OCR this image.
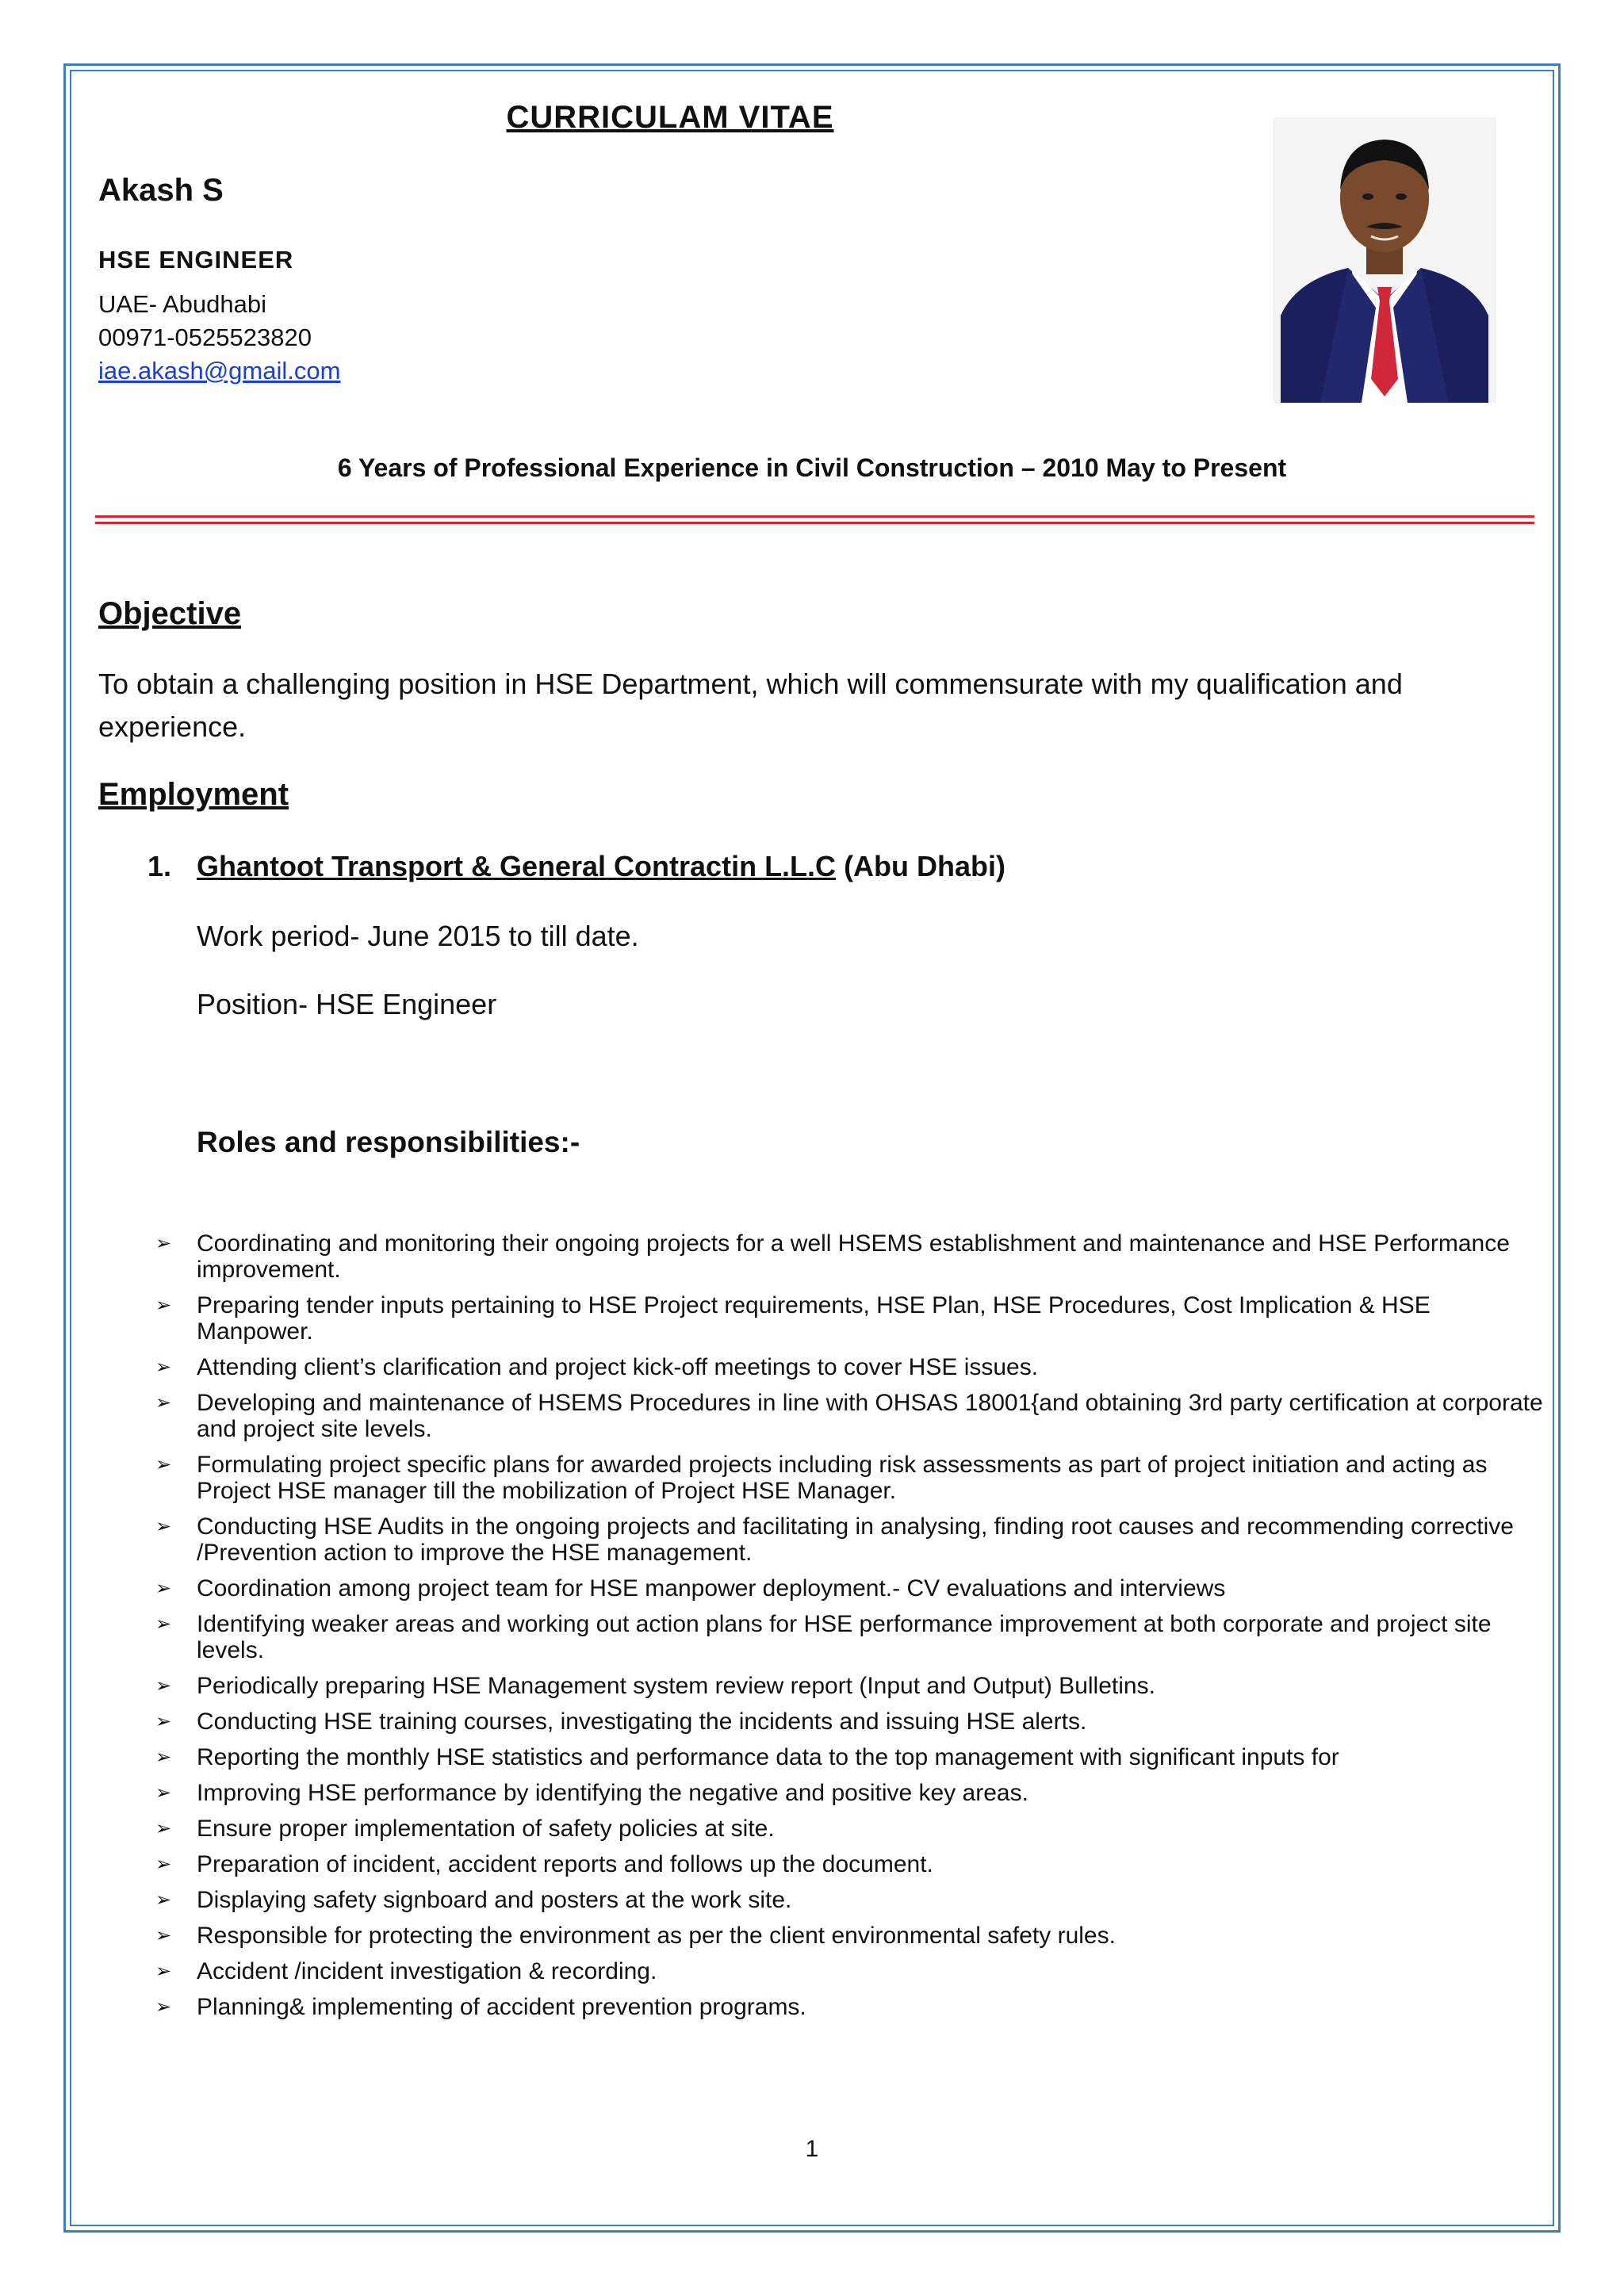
CURRICULAM VITAE
Akash S
HSE ENGINEER
UAE- Abudhabi
00971-0525523820
iae.akash@gmail.com
6 Years of Professional Experience in Civil Construction – 2010 May to Present
Objective
To obtain a challenging position in HSE Department, which will commensurate with my qualification and experience.
Employment
1. Ghantoot Transport & General Contractin L.L.C (Abu Dhabi)
Work period- June 2015 to till date.
Position- HSE Engineer
Roles and responsibilities:-
➢ Coordinating and monitoring their ongoing projects for a well HSEMS establishment and maintenance and HSE Performance improvement.
➢ Preparing tender inputs pertaining to HSE Project requirements, HSE Plan, HSE Procedures, Cost Implication & HSE Manpower.
➢ Attending client’s clarification and project kick-off meetings to cover HSE issues.
➢ Developing and maintenance of HSEMS Procedures in line with OHSAS 18001{and obtaining 3rd party certification at corporate and project site levels.
➢ Formulating project specific plans for awarded projects including risk assessments as part of project initiation and acting as Project HSE manager till the mobilization of Project HSE Manager.
➢ Conducting HSE Audits in the ongoing projects and facilitating in analysing, finding root causes and recommending corrective /Prevention action to improve the HSE management.
➢ Coordination among project team for HSE manpower deployment.- CV evaluations and interviews
➢ Identifying weaker areas and working out action plans for HSE performance improvement at both corporate and project site levels.
➢ Periodically preparing HSE Management system review report (Input and Output) Bulletins.
➢ Conducting HSE training courses, investigating the incidents and issuing HSE alerts.
➢ Reporting the monthly HSE statistics and performance data to the top management with significant inputs for
➢ Improving HSE performance by identifying the negative and positive key areas.
➢ Ensure proper implementation of safety policies at site.
➢ Preparation of incident, accident reports and follows up the document.
➢ Displaying safety signboard and posters at the work site.
➢ Responsible for protecting the environment as per the client environmental safety rules.
➢ Accident /incident investigation & recording.
➢ Planning& implementing of accident prevention programs.
1
